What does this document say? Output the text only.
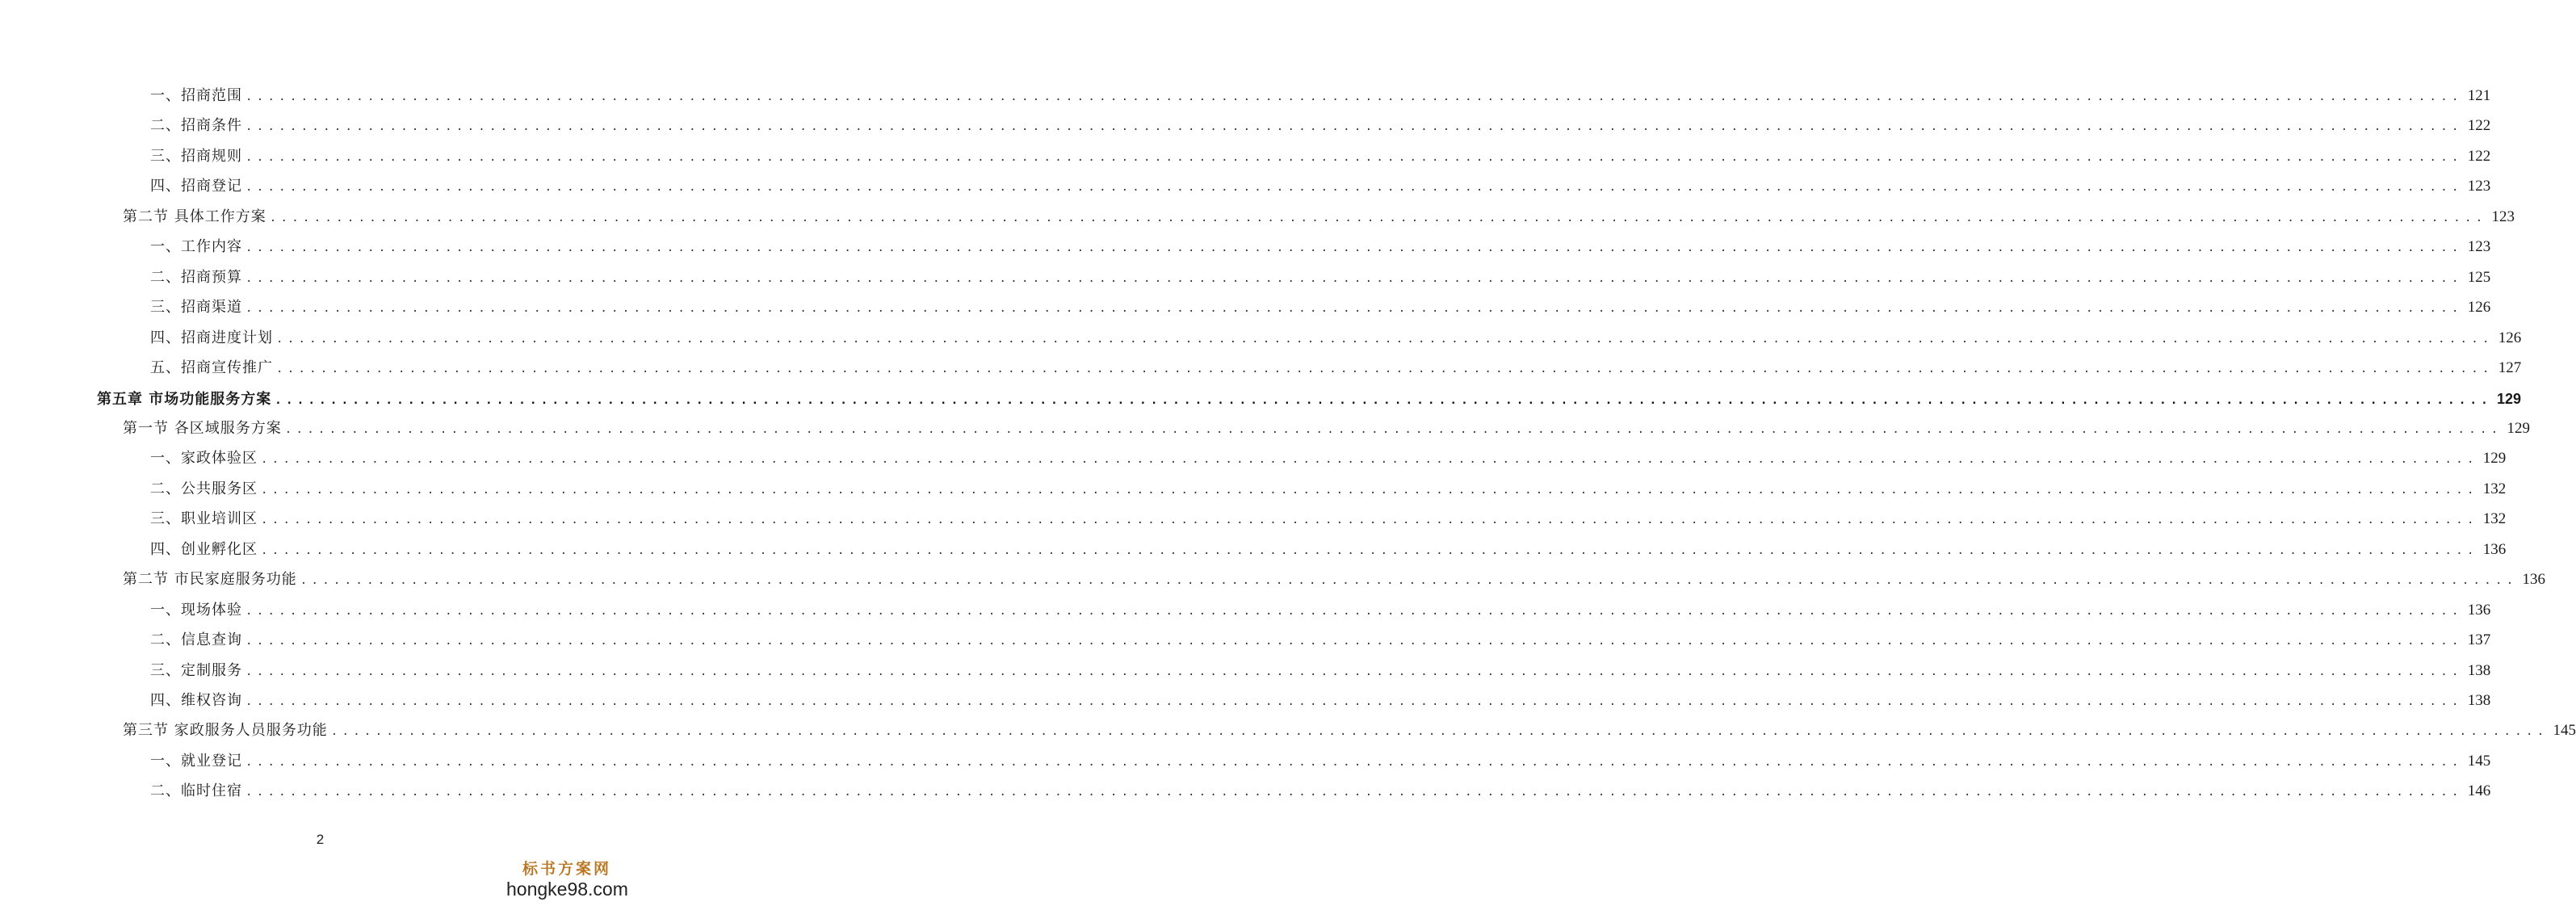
一、招商范围 ........................................................................................................................................................................................................ 121
二、招商条件 ........................................................................................................................................................................................................ 122
三、招商规则 ........................................................................................................................................................................................................ 122
四、招商登记 ........................................................................................................................................................................................................ 123
第二节 具体工作方案 ........................................................................................................................................................................................................ 123
一、工作内容 ........................................................................................................................................................................................................ 123
二、招商预算 ........................................................................................................................................................................................................ 125
三、招商渠道 ........................................................................................................................................................................................................ 126
四、招商进度计划 ........................................................................................................................................................................................................ 126
五、招商宣传推广 ........................................................................................................................................................................................................ 127
第五章 市场功能服务方案 ........................................................................................................................................................................................................ 129
第一节 各区域服务方案 ........................................................................................................................................................................................................ 129
一、家政体验区 ........................................................................................................................................................................................................ 129
二、公共服务区 ........................................................................................................................................................................................................ 132
三、职业培训区 ........................................................................................................................................................................................................ 132
四、创业孵化区 ........................................................................................................................................................................................................ 136
第二节 市民家庭服务功能 ........................................................................................................................................................................................................ 136
一、现场体验 ........................................................................................................................................................................................................ 136
二、信息查询 ........................................................................................................................................................................................................ 137
三、定制服务 ........................................................................................................................................................................................................ 138
四、维权咨询 ........................................................................................................................................................................................................ 138
第三节 家政服务人员服务功能 ........................................................................................................................................................................................................ 145
一、就业登记 ........................................................................................................................................................................................................ 145
二、临时住宿 ........................................................................................................................................................................................................ 146
2
标书方案网
hongke98.com
